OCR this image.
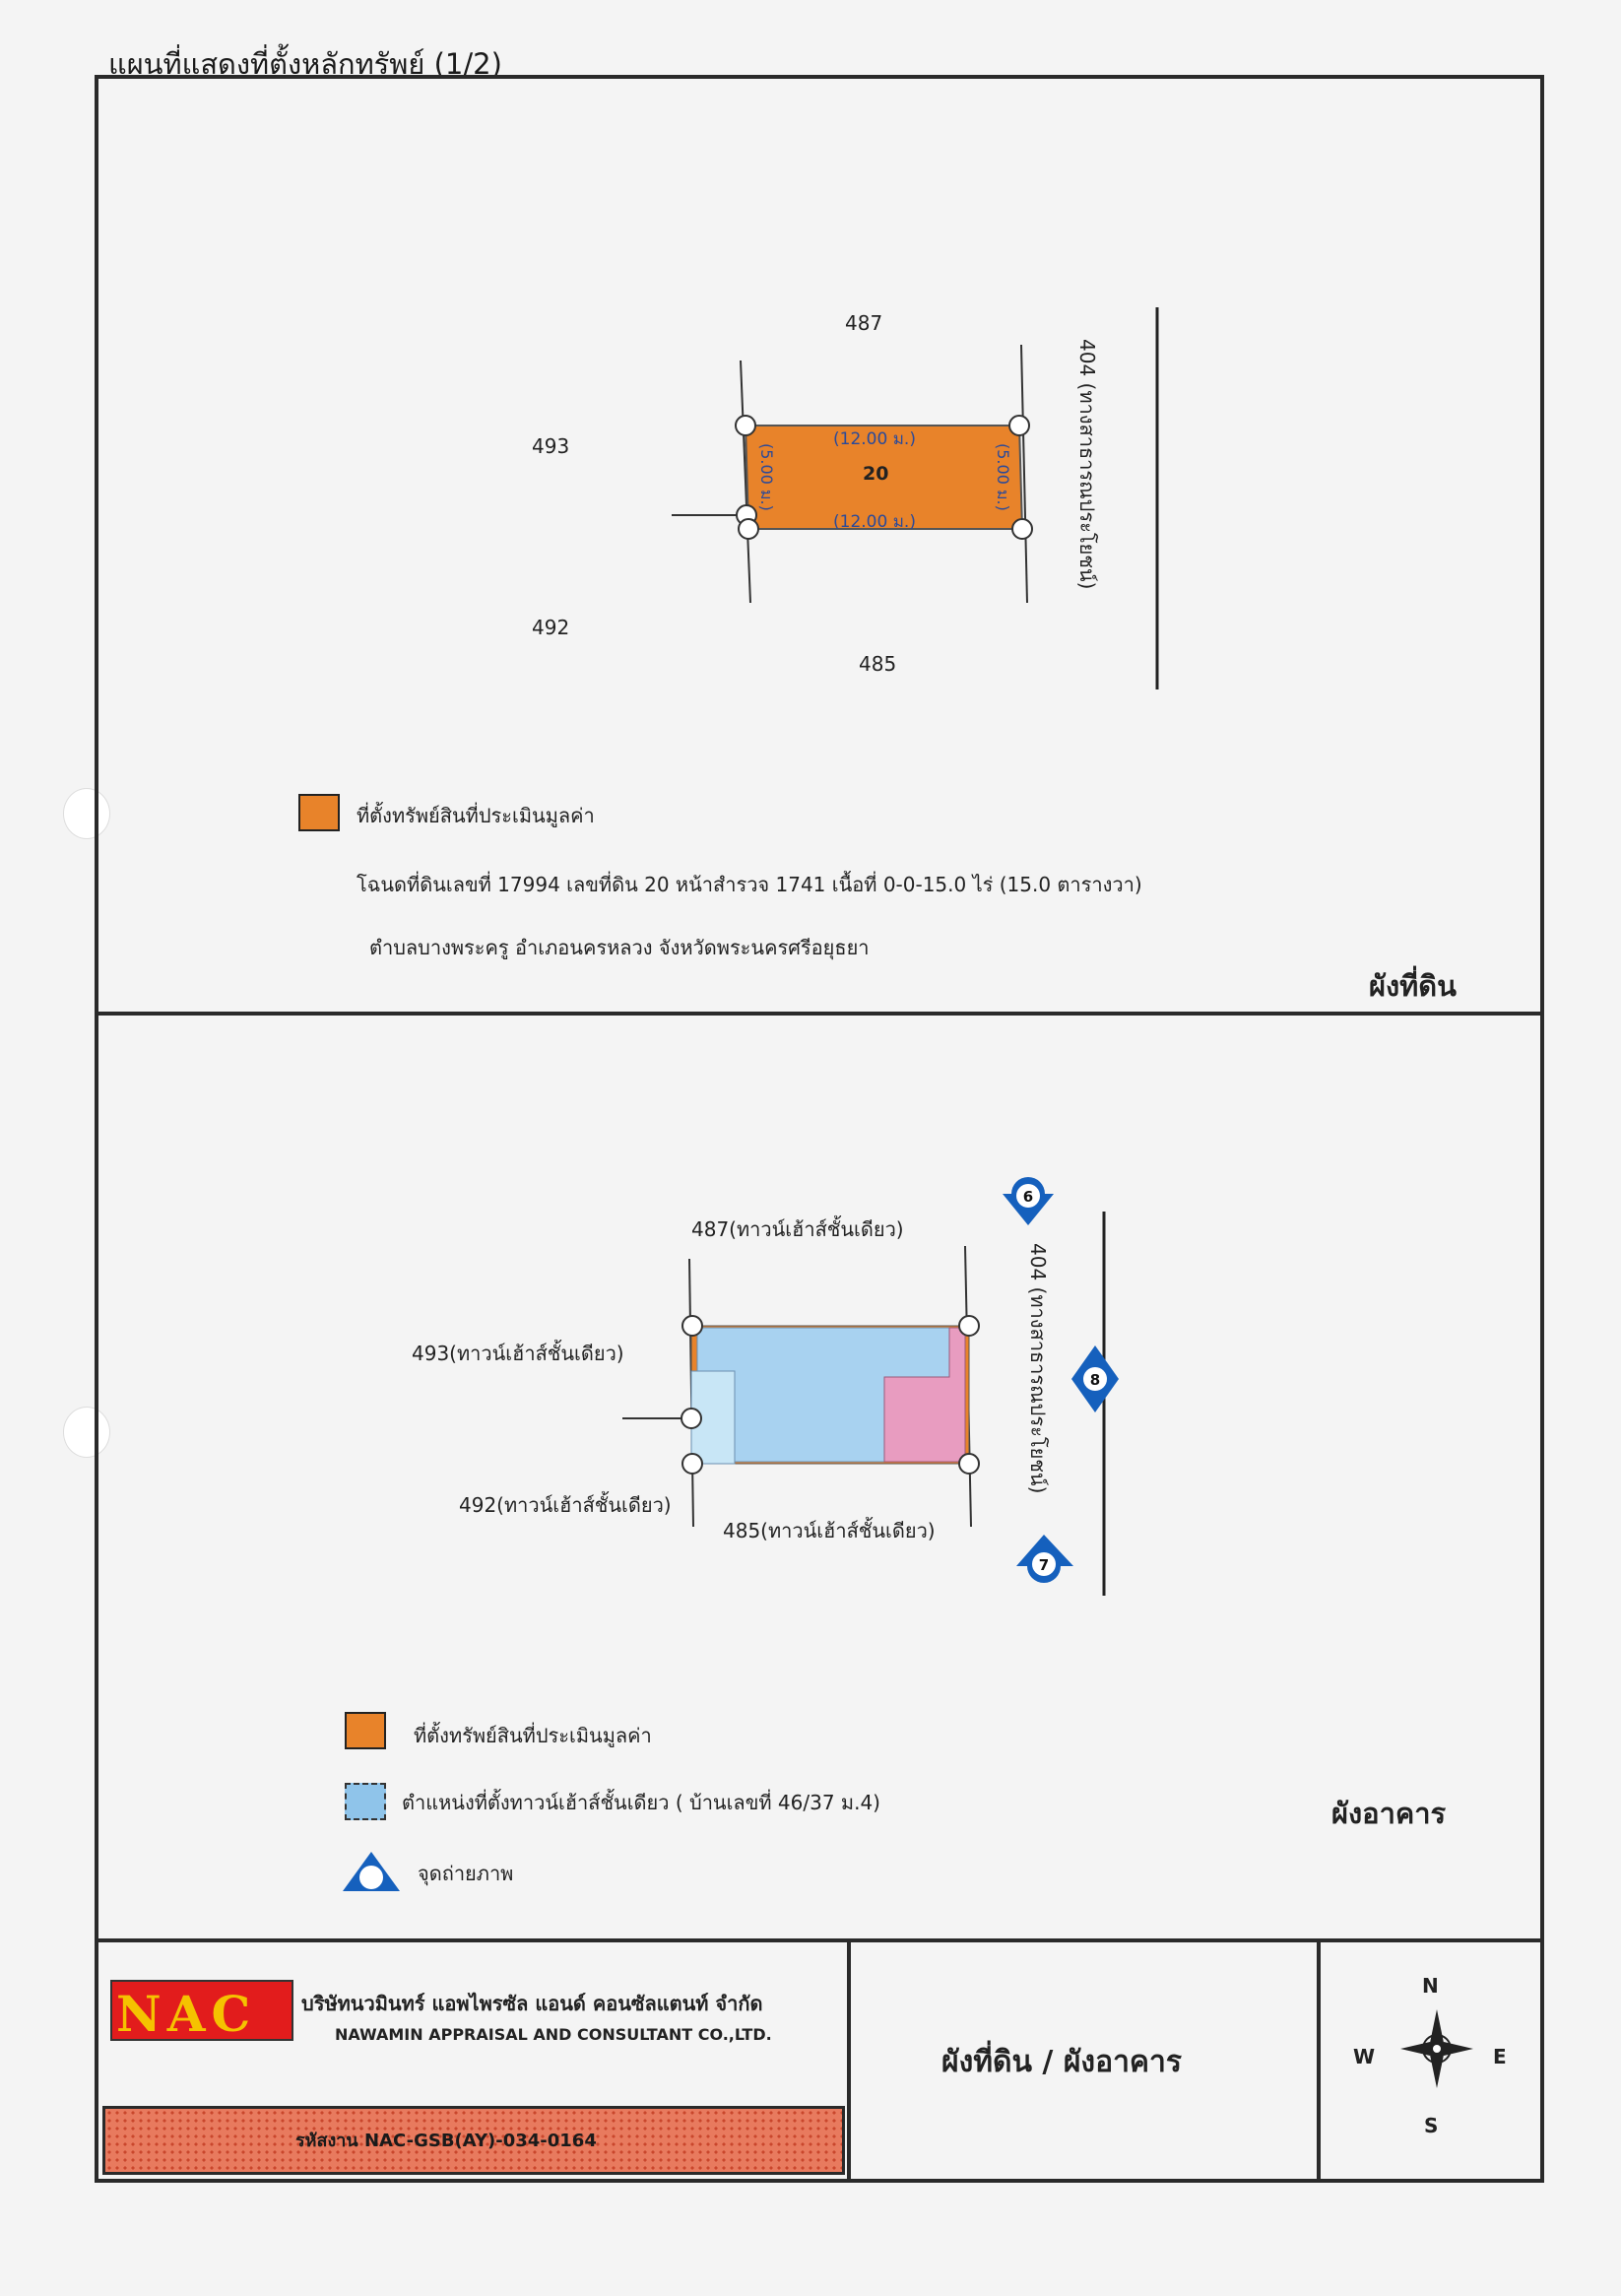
แผนที่แสดงที่ตั้งหลักทรัพย์ (1/2)
487
493
492
485
(12.00 ม.)
(12.00 ม.)
20
(5.00 ม.)	(5.00 ม.)	404 (ทางสาธารณประโยชน์)
ที่ตั้งทรัพย์สินที่ประเมินมูลค่า
โฉนดที่ดินเลขที่ 17994 เลขที่ดิน 20 หน้าสำรวจ 1741 เนื้อที่ 0-0-15.0 ไร่ (15.0 ตารางวา)
ตำบลบางพระครู อำเภอนครหลวง จังหวัดพระนครศรีอยุธยา
ผังที่ดิน
6
8
7
487(ทาวน์เฮ้าส์ชั้นเดียว)
493(ทาวน์เฮ้าส์ชั้นเดียว)
492(ทาวน์เฮ้าส์ชั้นเดียว)
485(ทาวน์เฮ้าส์ชั้นเดียว)
404 (ทางสาธารณประโยชน์)
ที่ตั้งทรัพย์สินที่ประเมินมูลค่า
ตำแหน่งที่ตั้งทาวน์เฮ้าส์ชั้นเดียว ( บ้านเลขที่ 46/37 ม.4)
จุดถ่ายภาพ
ผังอาคาร
NAC บริษัทนวมินทร์ แอพไพรซัล แอนด์ คอนซัลแตนท์ จำกัด
NAWAMIN APPRAISAL AND CONSULTANT CO.,LTD.
รหัสงาน NAC-GSB(AY)-034-0164
ผังที่ดิน / ผังอาคาร
N
S
E
W
